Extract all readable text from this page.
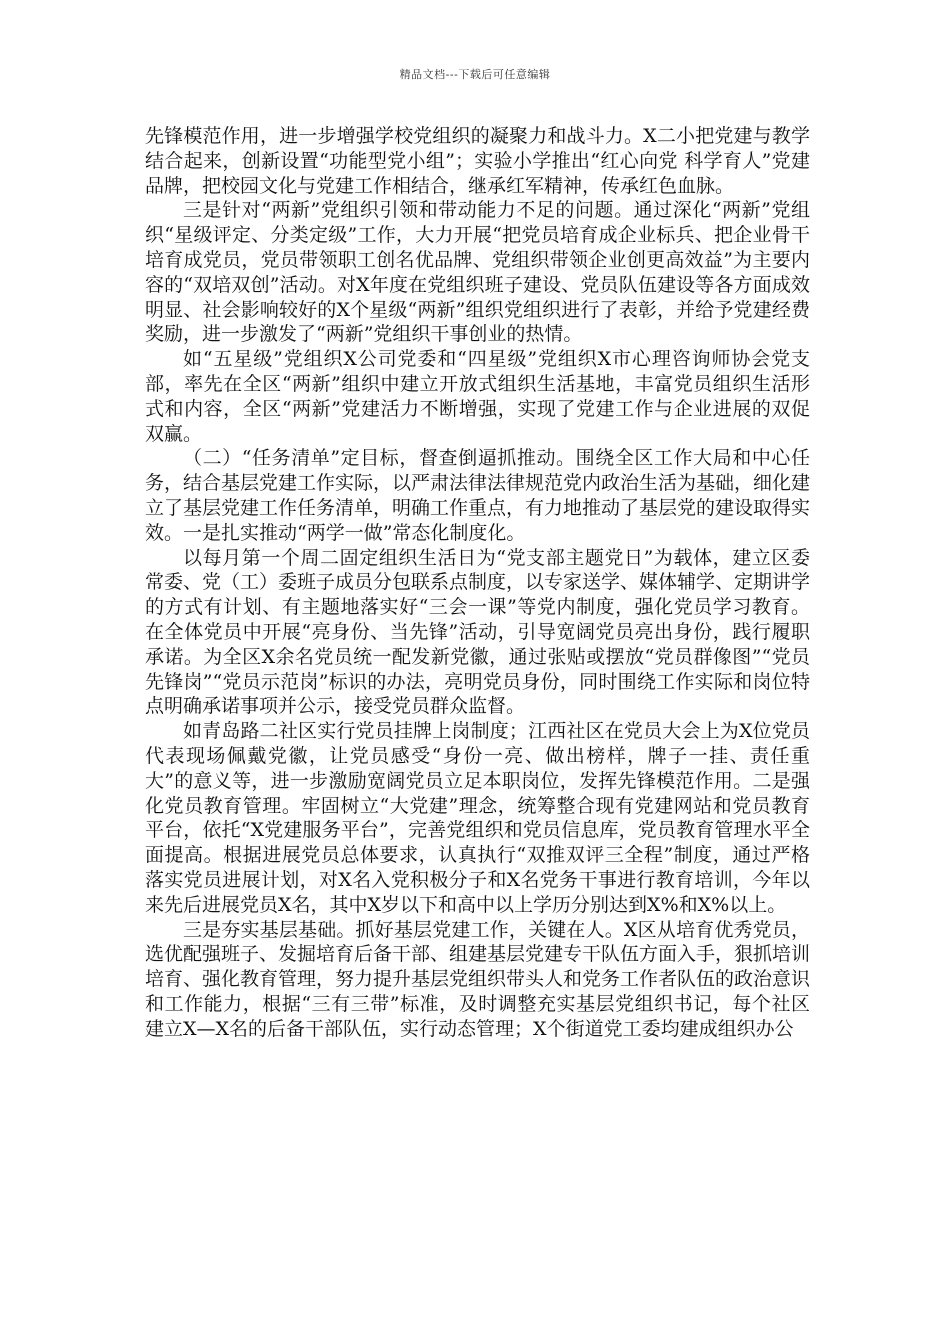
精品文档---下载后可任意编辑

先锋模范作用，进一步增强学校党组织的凝聚力和战斗力。X二小把党建与教学结合起来，创新设置“功能型党小组”；实验小学推出“红心向党 科学育人”党建品牌，把校园文化与党建工作相结合，继承红军精神，传承红色血脉。

三是针对“两新”党组织引领和带动能力不足的问题。通过深化“两新”党组织“星级评定、分类定级”工作，大力开展“把党员培育成企业标兵、把企业骨干培育成党员，党员带领职工创名优品牌、党组织带领企业创更高效益”为主要内容的“双培双创”活动。对X年度在党组织班子建设、党员队伍建设等各方面成效明显、社会影响较好的X个星级“两新”组织党组织进行了表彰，并给予党建经费奖励，进一步激发了“两新”党组织干事创业的热情。

如“五星级”党组织X公司党委和“四星级”党组织X市心理咨询师协会党支部，率先在全区“两新”组织中建立开放式组织生活基地，丰富党员组织生活形式和内容，全区“两新”党建活力不断增强，实现了党建工作与企业进展的双促双赢。

（二）“任务清单”定目标，督查倒逼抓推动。围绕全区工作大局和中心任务，结合基层党建工作实际，以严肃法律法律规范党内政治生活为基础，细化建立了基层党建工作任务清单，明确工作重点，有力地推动了基层党的建设取得实效。一是扎实推动“两学一做”常态化制度化。

以每月第一个周二固定组织生活日为“党支部主题党日”为载体，建立区委常委、党（工）委班子成员分包联系点制度，以专家送学、媒体辅学、定期讲学的方式有计划、有主题地落实好“三会一课”等党内制度，强化党员学习教育。在全体党员中开展“亮身份、当先锋”活动，引导宽阔党员亮出身份，践行履职承诺。为全区X余名党员统一配发新党徽，通过张贴或摆放“党员群像图”“党员先锋岗”“党员示范岗”标识的办法，亮明党员身份，同时围绕工作实际和岗位特点明确承诺事项并公示，接受党员群众监督。

如青岛路二社区实行党员挂牌上岗制度；江西社区在党员大会上为X位党员代表现场佩戴党徽，让党员感受“身份一亮、做出榜样，牌子一挂、责任重大”的意义等，进一步激励宽阔党员立足本职岗位，发挥先锋模范作用。二是强化党员教育管理。牢固树立“大党建”理念，统筹整合现有党建网站和党员教育平台，依托“X党建服务平台”，完善党组织和党员信息库，党员教育管理水平全面提高。根据进展党员总体要求，认真执行“双推双评三全程”制度，通过严格落实党员进展计划，对X名入党积极分子和X名党务干事进行教育培训，今年以来先后进展党员X名，其中X岁以下和高中以上学历分别达到X%和X%以上。

三是夯实基层基础。抓好基层党建工作，关键在人。X区从培育优秀党员，选优配强班子、发掘培育后备干部、组建基层党建专干队伍方面入手，狠抓培训培育、强化教育管理，努力提升基层党组织带头人和党务工作者队伍的政治意识和工作能力，根据“三有三带”标准，及时调整充实基层党组织书记，每个社区建立X—X名的后备干部队伍，实行动态管理；X个街道党工委均建成组织办公
